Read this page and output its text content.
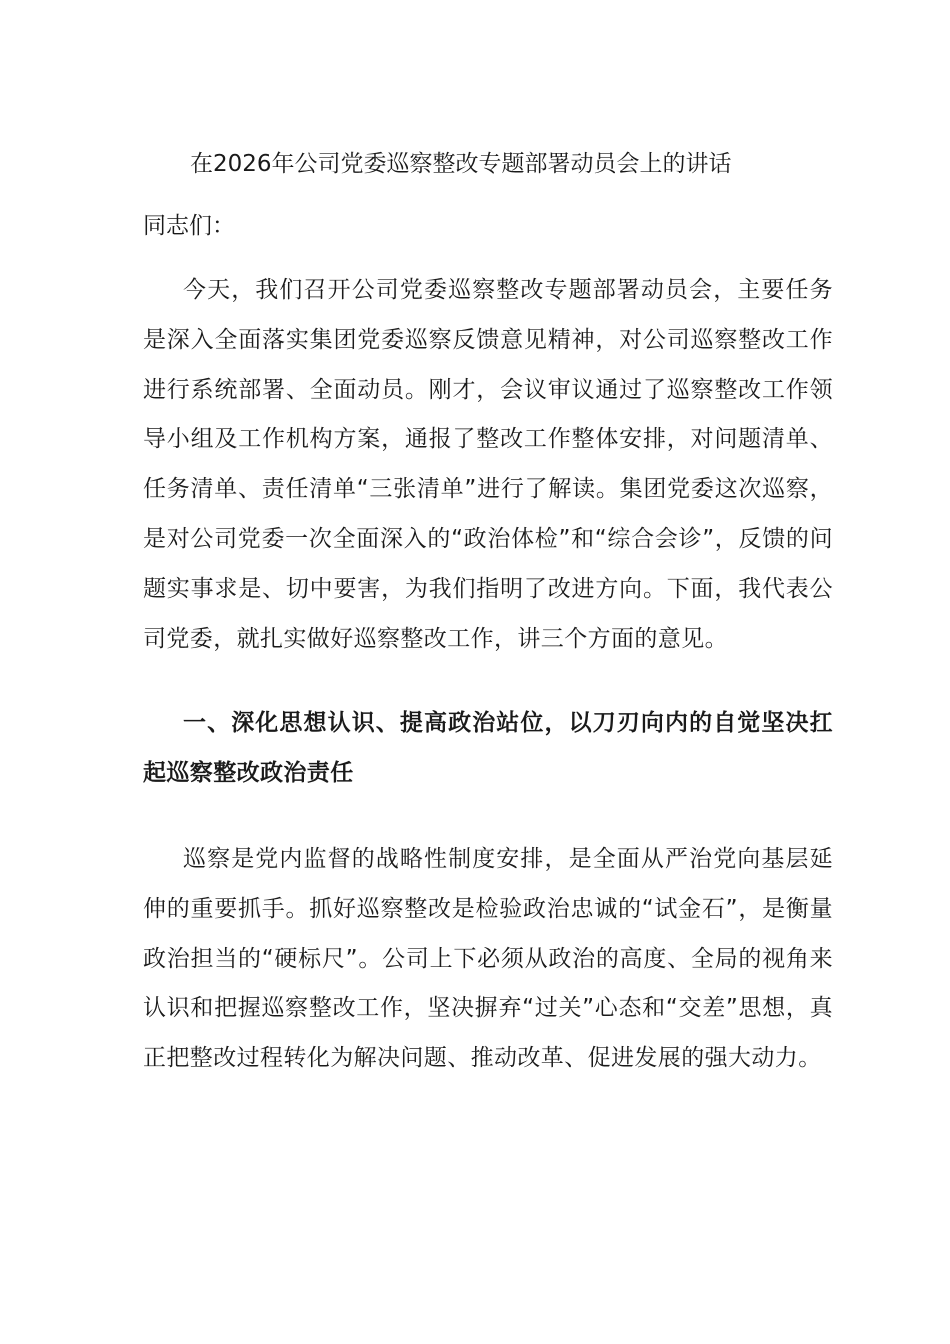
在2026年公司党委巡察整改专题部署动员会上的讲话

同志们：

今天，我们召开公司党委巡察整改专题部署动员会，主要任务是深入全面落实集团党委巡察反馈意见精神，对公司巡察整改工作进行系统部署、全面动员。刚才，会议审议通过了巡察整改工作领导小组及工作机构方案，通报了整改工作整体安排，对问题清单、任务清单、责任清单“三张清单”进行了解读。集团党委这次巡察，是对公司党委一次全面深入的“政治体检”和“综合会诊”，反馈的问题实事求是、切中要害，为我们指明了改进方向。下面，我代表公司党委，就扎实做好巡察整改工作，讲三个方面的意见。

一、深化思想认识、提高政治站位，以刀刃向内的自觉坚决扛起巡察整改政治责任

巡察是党内监督的战略性制度安排，是全面从严治党向基层延伸的重要抓手。抓好巡察整改是检验政治忠诚的“试金石”，是衡量政治担当的“硬标尺”。公司上下必须从政治的高度、全局的视角来认识和把握巡察整改工作，坚决摒弃“过关”心态和“交差”思想，真正把整改过程转化为解决问题、推动改革、促进发展的强大动力。
